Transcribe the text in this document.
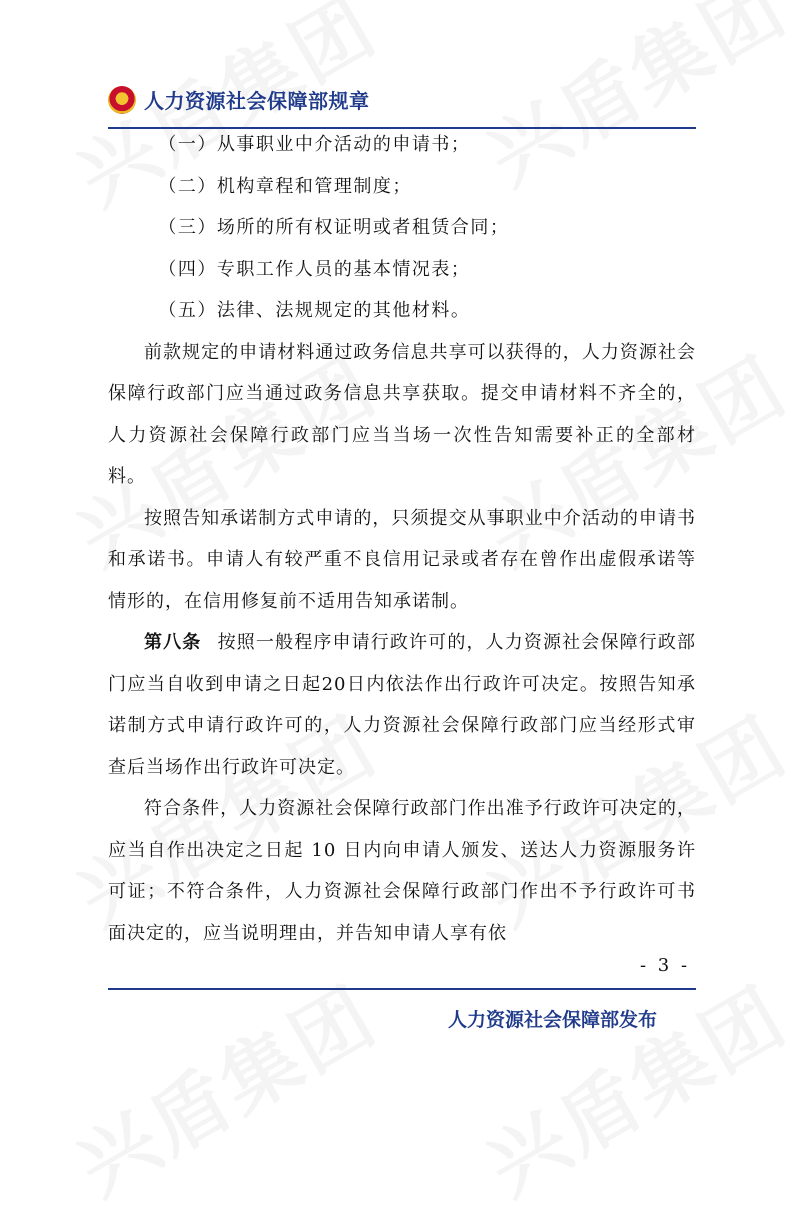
人力资源社会保障部规章

（一）从事职业中介活动的申请书；

（二）机构章程和管理制度；

（三）场所的所有权证明或者租赁合同；

（四）专职工作人员的基本情况表；

（五）法律、法规规定的其他材料。

前款规定的申请材料通过政务信息共享可以获得的，人力资源社会保障行政部门应当通过政务信息共享获取。提交申请材料不齐全的，人力资源社会保障行政部门应当当场一次性告知需要补正的全部材料。

按照告知承诺制方式申请的，只须提交从事职业中介活动的申请书和承诺书。申请人有较严重不良信用记录或者存在曾作出虚假承诺等情形的，在信用修复前不适用告知承诺制。

第八条 按照一般程序申请行政许可的，人力资源社会保障行政部门应当自收到申请之日起20日内依法作出行政许可决定。按照告知承诺制方式申请行政许可的，人力资源社会保障行政部门应当经形式审查后当场作出行政许可决定。

符合条件，人力资源社会保障行政部门作出准予行政许可决定的，应当自作出决定之日起 10 日内向申请人颁发、送达人力资源服务许可证；不符合条件，人力资源社会保障行政部门作出不予行政许可书面决定的，应当说明理由，并告知申请人享有依

- 3 -
人力资源社会保障部发布
